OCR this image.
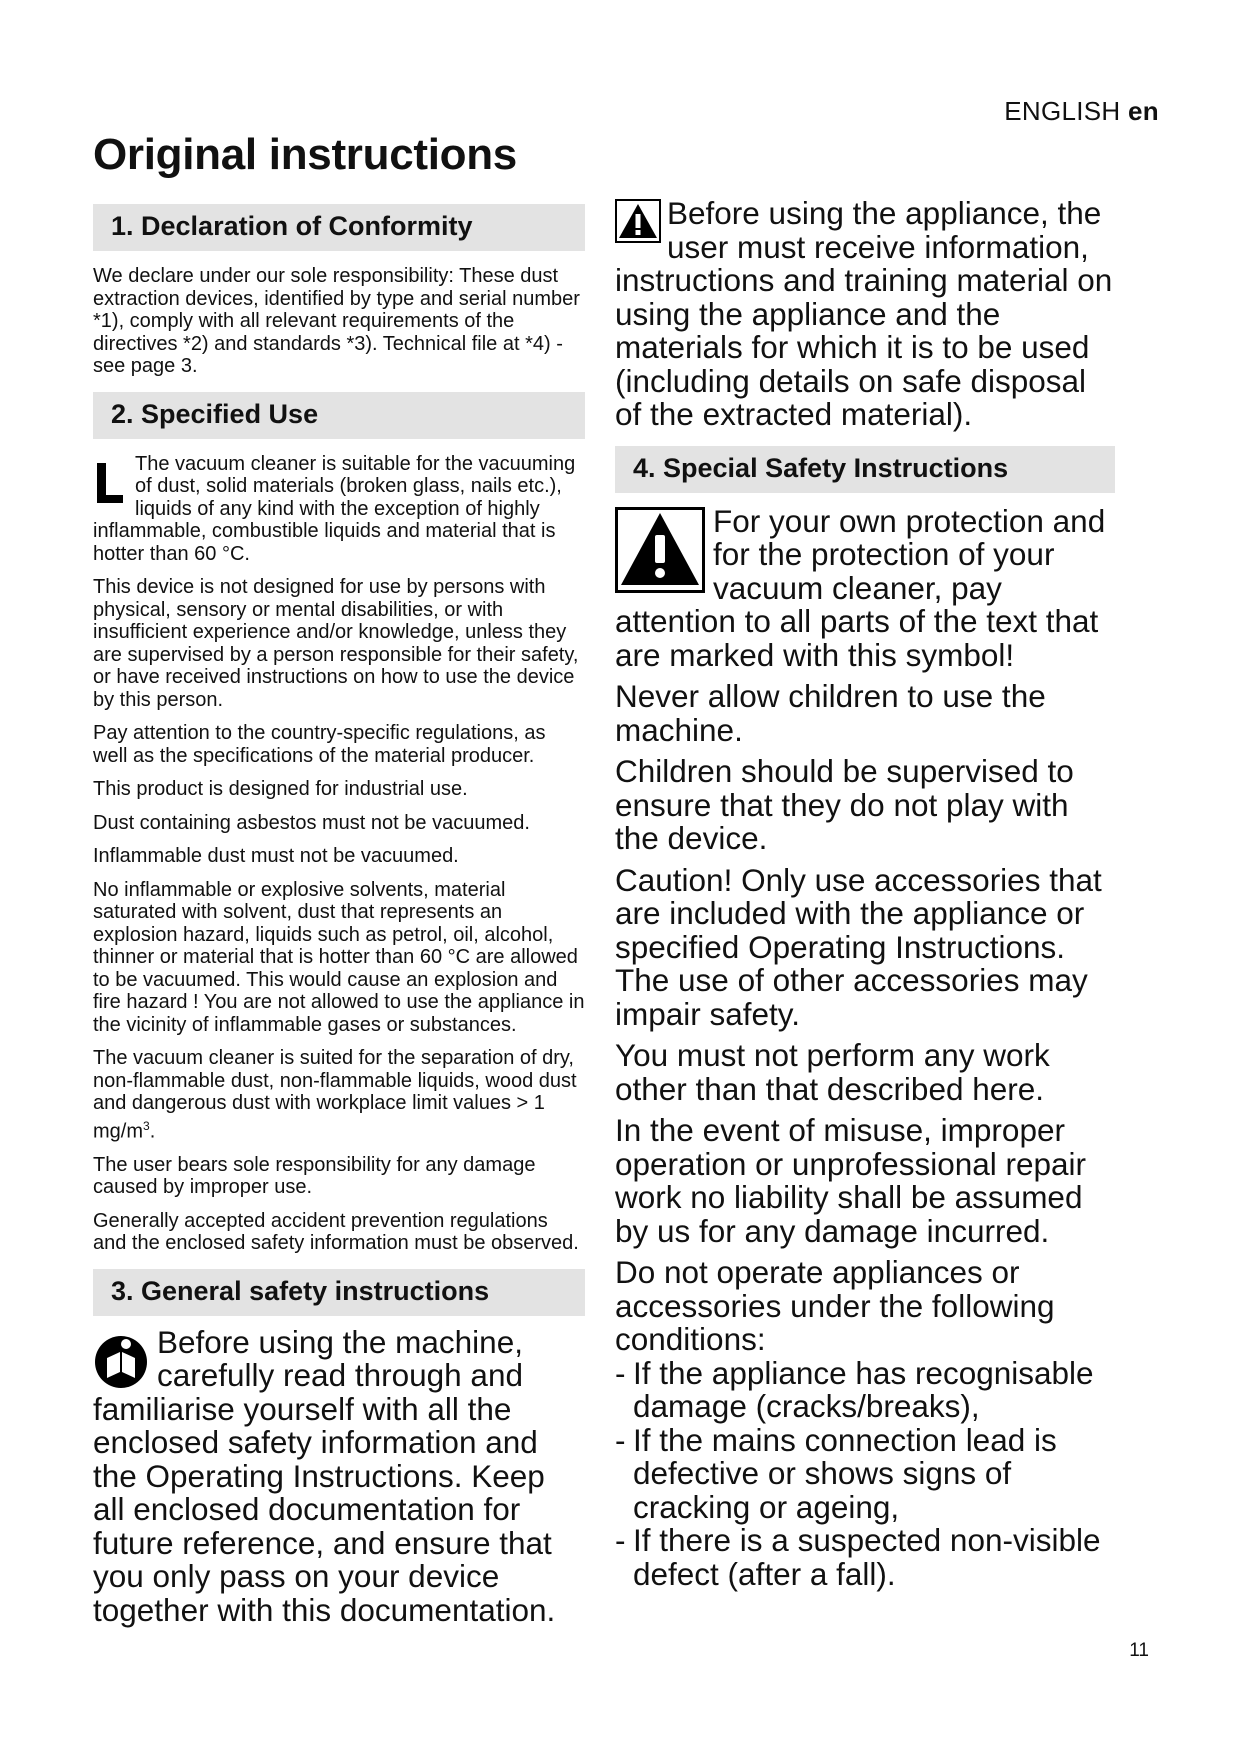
ENGLISH en
Original instructions
1. Declaration of Conformity

We declare under our sole responsibility: These dust extraction devices, identified by type and serial number *1), comply with all relevant requirements of the directives *2) and standards *3). Technical file at *4) - see page 3.

2. Specified Use

The vacuum cleaner is suitable for the vacuuming of dust, solid materials (broken glass, nails etc.), liquids of any kind with the exception of highly inflammable, combustible liquids and material that is hotter than 60 °C.

This device is not designed for use by persons with physical, sensory or mental disabilities, or with insufficient experience and/or knowledge, unless they are supervised by a person responsible for their safety, or have received instructions on how to use the device by this person.

Pay attention to the country-specific regulations, as well as the specifications of the material producer.

This product is designed for industrial use.

Dust containing asbestos must not be vacuumed.

Inflammable dust must not be vacuumed.

No inflammable or explosive solvents, material saturated with solvent, dust that represents an explosion hazard, liquids such as petrol, oil, alcohol, thinner or material that is hotter than 60 °C are allowed to be vacuumed. This would cause an explosion and fire hazard ! You are not allowed to use the appliance in the vicinity of inflammable gases or substances.

The vacuum cleaner is suited for the separation of dry, non-flammable dust, non-flammable liquids, wood dust and dangerous dust with workplace limit values > 1 $mg/m^3$.

The user bears sole responsibility for any damage caused by improper use.

Generally accepted accident prevention regulations and the enclosed safety information must be observed.

3. General safety instructions

Before using the machine, carefully read through and familiarise yourself with all the enclosed safety information and the Operating Instructions. Keep all enclosed documentation for future reference, and ensure that you only pass on your device together with this documentation.

Before using the appliance, the user must receive information, instructions and training material on using the appliance and the materials for which it is to be used (including details on safe disposal of the extracted material).

4. Special Safety Instructions

For your own protection and for the protection of your vacuum cleaner, pay attention to all parts of the text that are marked with this symbol!

Never allow children to use the machine.

Children should be supervised to ensure that they do not play with the device.

Caution! Only use accessories that are included with the appliance or specified Operating Instructions. The use of other accessories may impair safety.

You must not perform any work other than that described here.

In the event of misuse, improper operation or unprofessional repair work no liability shall be assumed by us for any damage incurred.

Do not operate appliances or accessories under the following conditions:

- If the appliance has recognisable damage (cracks/breaks),
- If the mains connection lead is defective or shows signs of cracking or ageing,
- If there is a suspected non-visible defect (after a fall).
11
